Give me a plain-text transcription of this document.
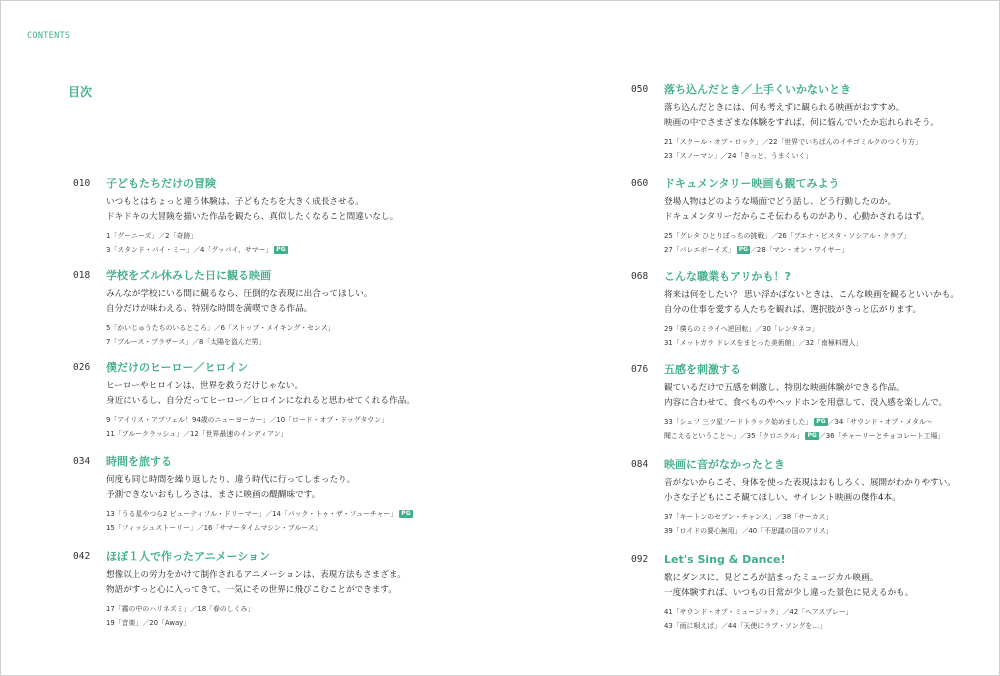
CONTENTS
目次
010 子どもたちだけの冒険
いつもとはちょっと違う体験は、子どもたちを大きく成長させる。
ドキドキの大冒険を描いた作品を観たら、真似したくなること間違いなし。
1「グーニーズ」／2「奇跡」
3「スタンド・バイ・ミー」／4「グッバイ、サマー」 PG
018 学校をズル休みした日に観る映画
みんなが学校にいる間に観るなら、圧倒的な表現に出合ってほしい。
自分だけが味わえる、特別な時間を満喫できる作品。
5「かいじゅうたちのいるところ」／6「ストップ・メイキング・センス」
7「ブルース・ブラザース」／8「太陽を盗んだ男」
026 僕だけのヒーロー／ヒロイン
ヒーローやヒロインは、世界を救うだけじゃない。
身近にいるし、自分だってヒーロー／ヒロインになれると思わせてくれる作品。
9「アイリス・アプフェル！94歳のニューヨーカー」／10「ロード・オブ・ドッグタウン」
11「ブルークラッシュ」／12「世界最速のインディアン」
034 時間を旅する
何度も同じ時間を繰り返したり、違う時代に行ってしまったり。
予測できないおもしろさは、まさに映画の醍醐味です。
13「うる星やつら2 ビューティフル・ドリーマー」／14「バック・トゥ・ザ・フューチャー」 PG
15「フィッシュストーリー」／16「サマータイムマシン・ブルース」
042 ほぼ１人で作ったアニメーション
想像以上の労力をかけて制作されるアニメーションは、表現方法もさまざま。
物語がすっと心に入ってきて、一気にその世界に飛びこむことができます。
17「霧の中のハリネズミ」／18「春のしくみ」
19「音楽」／20「Away」
050 落ち込んだとき／上手くいかないとき
落ち込んだときには、何も考えずに観られる映画がおすすめ。
映画の中でさまざまな体験をすれば、何に悩んでいたか忘れられそう。
21「スクール・オブ・ロック」／22「世界でいちばんのイチゴミルクのつくり方」
23「スノーマン」／24「きっと、うまくいく」
060 ドキュメンタリー映画も観てみよう
登場人物はどのような場面でどう話し、どう行動したのか。
ドキュメンタリーだからこそ伝わるものがあり、心動かされるはず。
25「グレタ ひとりぼっちの挑戦」／26「ブエナ・ビスタ・ソシアル・クラブ」
27「バレエボーイズ」 PG ／28「マン・オン・ワイヤー」
068 こんな職業もアリかも！?
将来は何をしたい？ 思い浮かばないときは、こんな映画を観るといいかも。
自分の仕事を愛する人たちを観れば、選択肢がきっと広がります。
29「僕らのミライへ逆回転」／30「レンタネコ」
31「メットガラ ドレスをまとった美術館」／32「南極料理人」
076 五感を刺激する
観ているだけで五感を刺激し、特別な映画体験ができる作品。
内容に合わせて、食べものやヘッドホンを用意して、没入感を楽しんで。
33「シェフ 三ツ星フードトラック始めました」 PG ／34「サウンド・オブ・メタル〜
聞こえるということ〜」／35「クロニクル」 PG ／36「チャーリーとチョコレート工場」
084 映画に音がなかったとき
音がないからこそ、身体を使った表現はおもしろく、展開がわかりやすい。
小さな子どもにこそ観てほしい、サイレント映画の傑作4本。
37「キートンのセブン・チャンス」／38「サーカス」
39「ロイドの要心無用」／40「不思議の国のアリス」
092 Let's Sing & Dance!
歌にダンスに、見どころが詰まったミュージカル映画。
一度体験すれば、いつもの日常が少し違った景色に見えるかも。
41「サウンド・オブ・ミュージック」／42「ヘアスプレー」
43「雨に唄えば」／44「天使にラブ・ソングを…」
